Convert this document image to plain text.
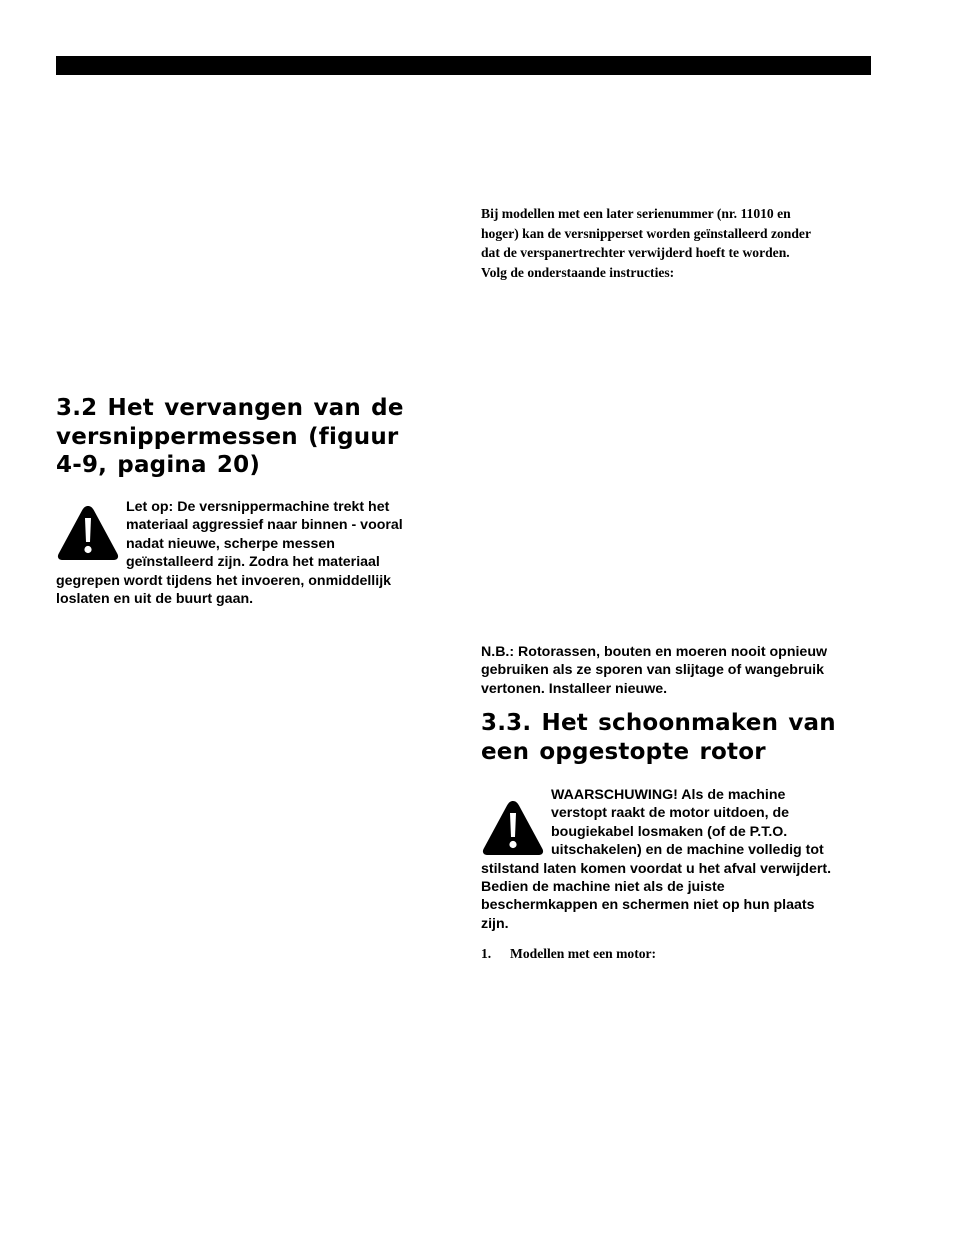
Bij modellen met een later serienummer (nr. 11010 en
hoger) kan de versnipperset worden geïnstalleerd zonder
dat de verspanertrechter verwijderd hoeft te worden.
Volg de onderstaande instructies:
3.2 Het vervangen van de
versnippermessen (figuur
4-9, pagina 20)
Let op: De versnippermachine trekt het
materiaal aggressief naar binnen - vooral
nadat nieuwe, scherpe messen
geïnstalleerd zijn. Zodra het materiaal
gegrepen wordt tijdens het invoeren, onmiddellijk
loslaten en uit de buurt gaan.
N.B.: Rotorassen, bouten en moeren nooit opnieuw
gebruiken als ze sporen van slijtage of wangebruik
vertonen. Installeer nieuwe.
3.3. Het schoonmaken van
een opgestopte rotor
WAARSCHUWING! Als de machine
verstopt raakt de motor uitdoen, de
bougiekabel losmaken (of de P.T.O.
uitschakelen) en de machine volledig tot
stilstand laten komen voordat u het afval verwijdert.
Bedien de machine niet als de juiste
beschermkappen en schermen niet op hun plaats
zijn.
1. Modellen met een motor:
